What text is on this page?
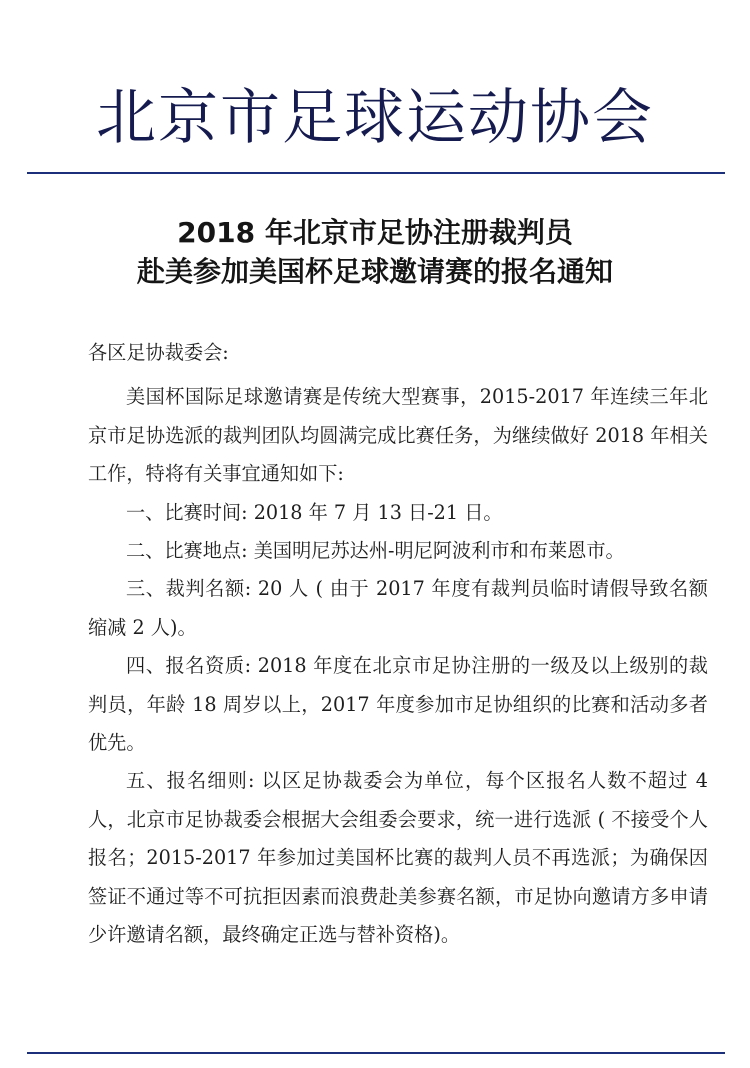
北京市足球运动协会
2018 年北京市足协注册裁判员
赴美参加美国杯足球邀请赛的报名通知

各区足协裁委会:

美国杯国际足球邀请赛是传统大型赛事，2015-2017 年连续三年北京市足协选派的裁判团队均圆满完成比赛任务，为继续做好 2018 年相关工作，特将有关事宜通知如下:

一、比赛时间: 2018 年 7 月 13 日-21 日。

二、比赛地点: 美国明尼苏达州-明尼阿波利市和布莱恩市。

三、裁判名额: 20 人 ( 由于 2017 年度有裁判员临时请假导致名额缩减 2 人)。

四、报名资质: 2018 年度在北京市足协注册的一级及以上级别的裁判员，年龄 18 周岁以上，2017 年度参加市足协组织的比赛和活动多者优先。

五、报名细则: 以区足协裁委会为单位，每个区报名人数不超过 4 人，北京市足协裁委会根据大会组委会要求，统一进行选派 ( 不接受个人报名；2015-2017 年参加过美国杯比赛的裁判人员不再选派；为确保因签证不通过等不可抗拒因素而浪费赴美参赛名额，市足协向邀请方多申请少许邀请名额，最终确定正选与替补资格)。
